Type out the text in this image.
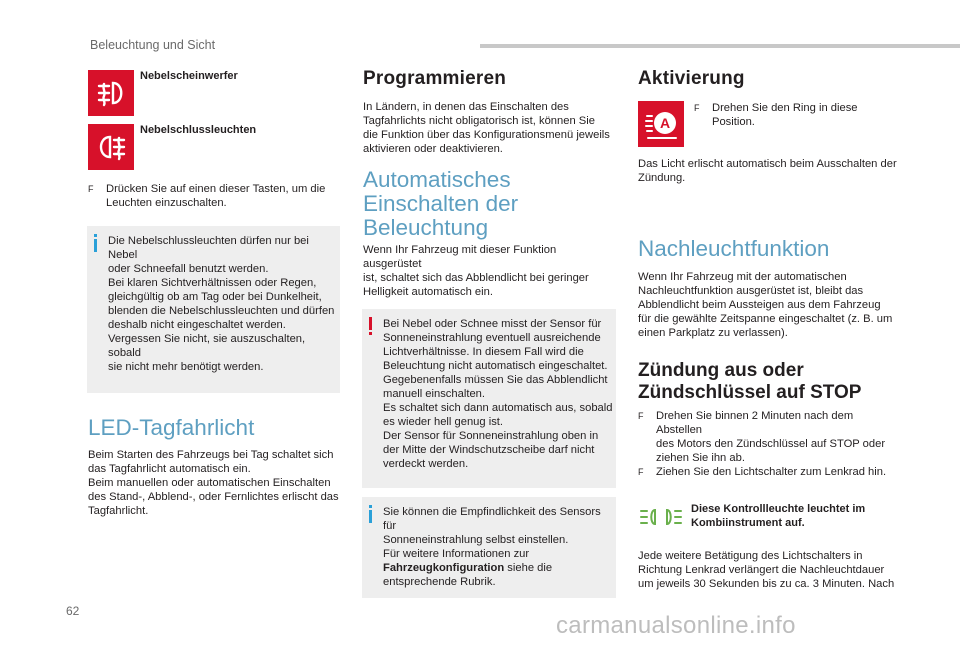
Beleuchtung und Sicht
Nebelscheinwerfer
Nebelschlussleuchten
F Drücken Sie auf einen dieser Tasten, um die Leuchten einzuschalten.
Die Nebelschlussleuchten dürfen nur bei Nebel
oder Schneefall benutzt werden.
Bei klaren Sichtverhältnissen oder Regen,
gleichgültig ob am Tag oder bei Dunkelheit,
blenden die Nebelschlussleuchten und dürfen
deshalb nicht eingeschaltet werden.
Vergessen Sie nicht, sie auszuschalten, sobald
sie nicht mehr benötigt werden.
LED-Tagfahrlicht
Beim Starten des Fahrzeugs bei Tag schaltet sich
das Tagfahrlicht automatisch ein.
Beim manuellen oder automatischen Einschalten
des Stand-, Abblend-, oder Fernlichtes erlischt das
Tagfahrlicht.
Programmieren
In Ländern, in denen das Einschalten des
Tagfahrlichts nicht obligatorisch ist, können Sie
die Funktion über das Konfigurationsmenü jeweils
aktivieren oder deaktivieren.
Automatisches
Einschalten der
Beleuchtung
Wenn Ihr Fahrzeug mit dieser Funktion ausgerüstet
ist, schaltet sich das Abblendlicht bei geringer
Helligkeit automatisch ein.
Bei Nebel oder Schnee misst der Sensor für
Sonneneinstrahlung eventuell ausreichende
Lichtverhältnisse. In diesem Fall wird die
Beleuchtung nicht automatisch eingeschaltet.
Gegebenenfalls müssen Sie das Abblendlicht
manuell einschalten.
Es schaltet sich dann automatisch aus, sobald
es wieder hell genug ist.
Der Sensor für Sonneneinstrahlung oben in
der Mitte der Windschutzscheibe darf nicht
verdeckt werden.
Sie können die Empfindlichkeit des Sensors für
Sonneneinstrahlung selbst einstellen.
Für weitere Informationen zur
Fahrzeugkonfiguration siehe die
entsprechende Rubrik.
Aktivierung
A
F Drehen Sie den Ring in diese
Position.
Das Licht erlischt automatisch beim Ausschalten der
Zündung.
Nachleuchtfunktion
Wenn Ihr Fahrzeug mit der automatischen
Nachleuchtfunktion ausgerüstet ist, bleibt das
Abblendlicht beim Aussteigen aus dem Fahrzeug
für die gewählte Zeitspanne eingeschaltet (z. B. um
einen Parkplatz zu verlassen).
Zündung aus oder
Zündschlüssel auf STOP
F Drehen Sie binnen 2 Minuten nach dem Abstellen
des Motors den Zündschlüssel auf STOP oder
ziehen Sie ihn ab.
F Ziehen Sie den Lichtschalter zum Lenkrad hin.
Diese Kontrollleuchte leuchtet im
Kombiinstrument auf.
Jede weitere Betätigung des Lichtschalters in
Richtung Lenkrad verlängert die Nachleuchtdauer
um jeweils 30 Sekunden bis zu ca. 3 Minuten. Nach
62
carmanualsonline.info
